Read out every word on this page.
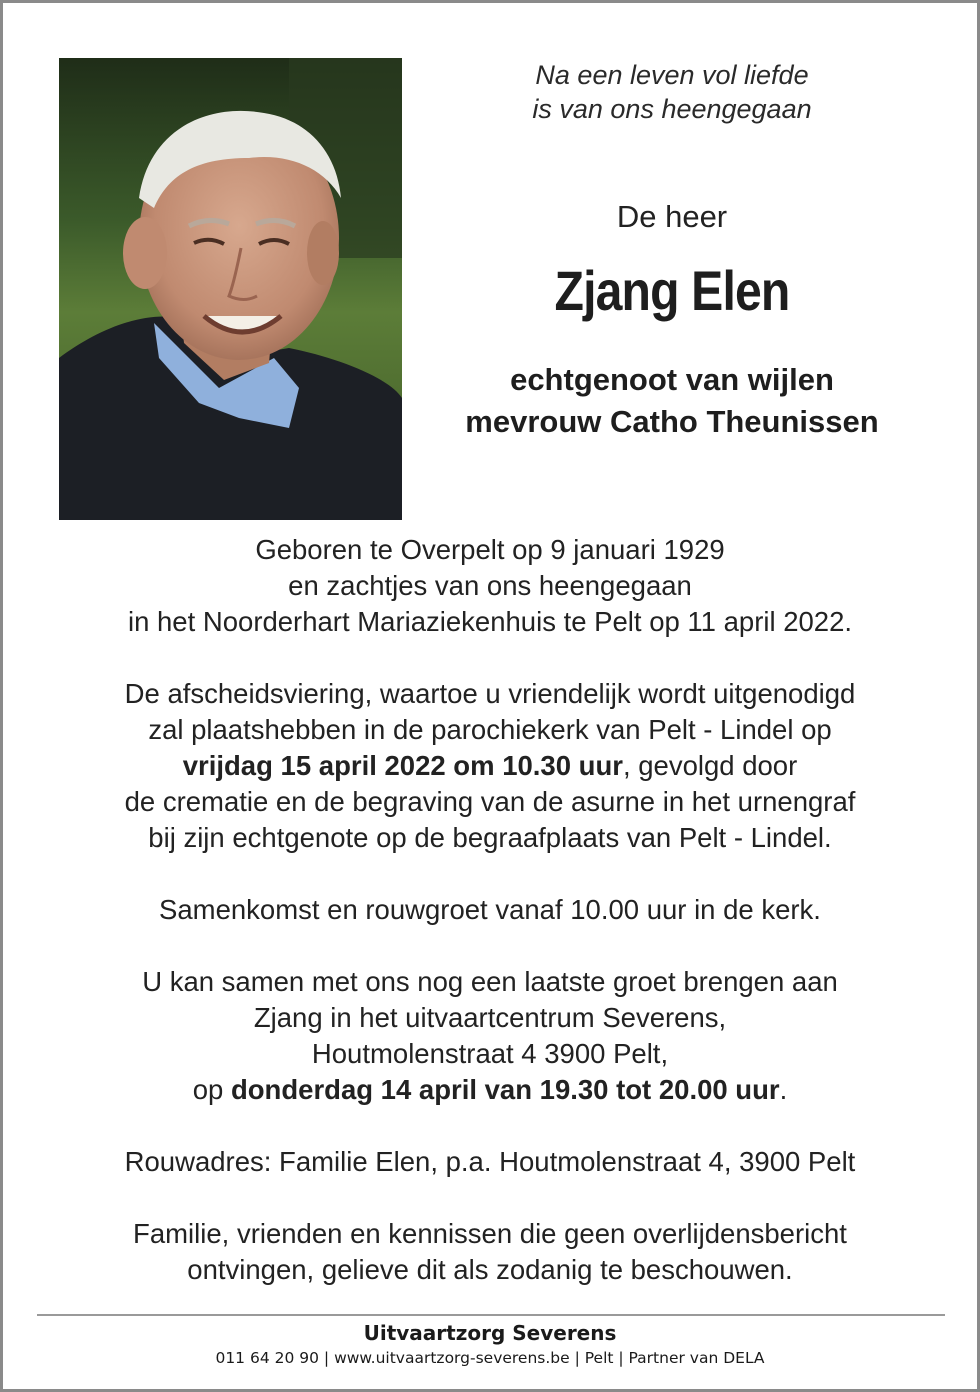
Na een leven vol liefde
is van ons heengegaan
De heer
Zjang Elen
echtgenoot van wijlen
mevrouw Catho Theunissen

Geboren te Overpelt op 9 januari 1929
en zachtjes van ons heengegaan
in het Noorderhart Mariaziekenhuis te Pelt op 11 april 2022.

De afscheidsviering, waartoe u vriendelijk wordt uitgenodigd
zal plaatshebben in de parochiekerk van Pelt - Lindel op
vrijdag 15 april 2022 om 10.30 uur, gevolgd door
de crematie en de begraving van de asurne in het urnengraf
bij zijn echtgenote op de begraafplaats van Pelt - Lindel.

Samenkomst en rouwgroet vanaf 10.00 uur in de kerk.

U kan samen met ons nog een laatste groet brengen aan
Zjang in het uitvaartcentrum Severens,
Houtmolenstraat 4 3900 Pelt,
op donderdag 14 april van 19.30 tot 20.00 uur.

Rouwadres: Familie Elen, p.a. Houtmolenstraat 4, 3900 Pelt

Familie, vrienden en kennissen die geen overlijdensbericht
ontvingen, gelieve dit als zodanig te beschouwen.

Uitvaartzorg Severens
011 64 20 90 | www.uitvaartzorg-severens.be | Pelt | Partner van DELA
